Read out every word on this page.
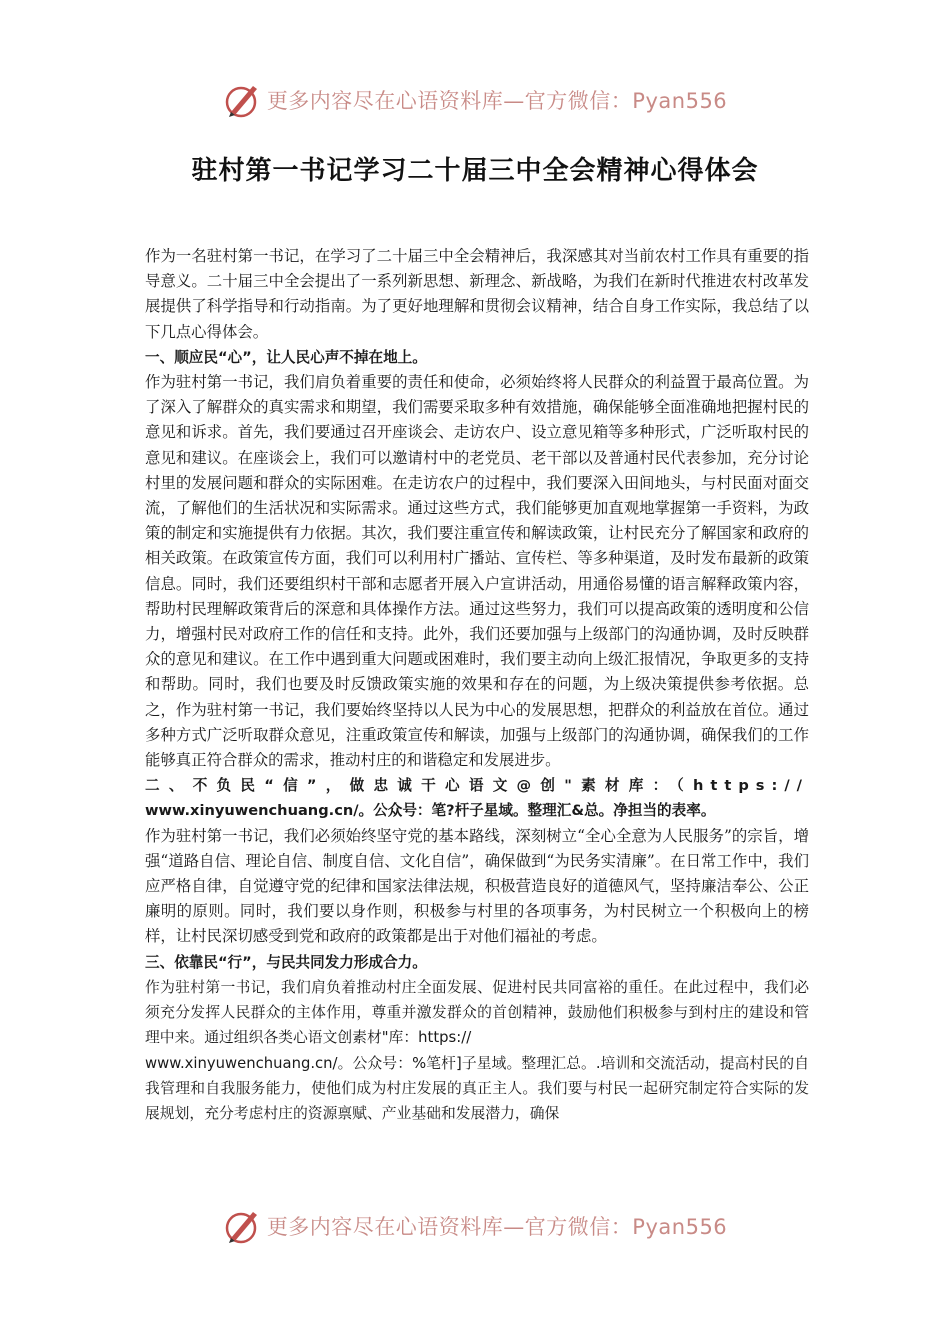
更多内容尽在心语资料库—官方微信：Pyan556
驻村第一书记学习二十届三中全会精神心得体会

作为一名驻村第一书记，在学习了二十届三中全会精神后，我深感其对当前农村工作具有重要的指导意义。二十届三中全会提出了一系列新思想、新理念、新战略，为我们在新时代推进农村改革发展提供了科学指导和行动指南。为了更好地理解和贯彻会议精神，结合自身工作实际，我总结了以下几点心得体会。

一、顺应民“心”，让人民心声不掉在地上。

作为驻村第一书记，我们肩负着重要的责任和使命，必须始终将人民群众的利益置于最高位置。为了深入了解群众的真实需求和期望，我们需要采取多种有效措施，确保能够全面准确地把握村民的意见和诉求。首先，我们要通过召开座谈会、走访农户、设立意见箱等多种形式，广泛听取村民的意见和建议。在座谈会上，我们可以邀请村中的老党员、老干部以及普通村民代表参加，充分讨论村里的发展问题和群众的实际困难。在走访农户的过程中，我们要深入田间地头，与村民面对面交流，了解他们的生活状况和实际需求。通过这些方式，我们能够更加直观地掌握第一手资料，为政策的制定和实施提供有力依据。其次，我们要注重宣传和解读政策，让村民充分了解国家和政府的相关政策。在政策宣传方面，我们可以利用村广播站、宣传栏、等多种渠道，及时发布最新的政策信息。同时，我们还要组织村干部和志愿者开展入户宣讲活动，用通俗易懂的语言解释政策内容，帮助村民理解政策背后的深意和具体操作方法。通过这些努力，我们可以提高政策的透明度和公信力，增强村民对政府工作的信任和支持。此外，我们还要加强与上级部门的沟通协调，及时反映群众的意见和建议。在工作中遇到重大问题或困难时，我们要主动向上级汇报情况，争取更多的支持和帮助。同时，我们也要及时反馈政策实施的效果和存在的问题，为上级决策提供参考依据。总之，作为驻村第一书记，我们要始终坚持以人民为中心的发展思想，把群众的利益放在首位。通过多种方式广泛听取群众意见，注重政策宣传和解读，加强与上级部门的沟通协调，确保我们的工作能够真正符合群众的需求，推动村庄的和谐稳定和发展进步。

二、不负民“信”，做忠诚干心语文@创"素材库：（https://

www.xinyuwenchuang.cn/。公众号：笔?杆子星域。整理汇&总。净担当的表率。

作为驻村第一书记，我们必须始终坚守党的基本路线，深刻树立“全心全意为人民服务”的宗旨，增强“道路自信、理论自信、制度自信、文化自信”，确保做到“为民务实清廉”。在日常工作中，我们应严格自律，自觉遵守党的纪律和国家法律法规，积极营造良好的道德风气，坚持廉洁奉公、公正廉明的原则。同时，我们要以身作则，积极参与村里的各项事务，为村民树立一个积极向上的榜样，让村民深切感受到党和政府的政策都是出于对他们福祉的考虑。

三、依靠民“行”，与民共同发力形成合力。

作为驻村第一书记，我们肩负着推动村庄全面发展、促进村民共同富裕的重任。在此过程中，我们必须充分发挥人民群众的主体作用，尊重并激发群众的首创精神，鼓励他们积极参与到村庄的建设和管理中来。通过组织各类心语文创素材"库：https://

www.xinyuwenchuang.cn/。公众号：%笔杆]子星域。整理汇总。.培训和交流活动，提高村民的自我管理和自我服务能力，使他们成为村庄发展的真正主人。我们要与村民一起研究制定符合实际的发展规划，充分考虑村庄的资源禀赋、产业基础和发展潜力，确保

更多内容尽在心语资料库—官方微信：Pyan556
